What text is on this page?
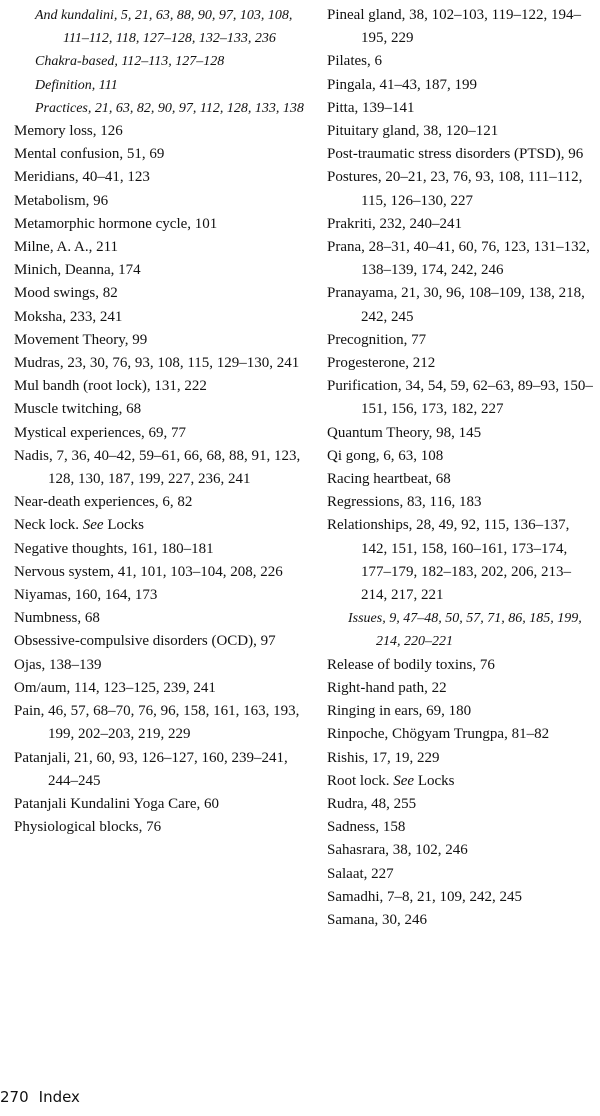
And kundalini, 5, 21, 63, 88, 90, 97, 103, 108, 111–112, 118, 127–128, 132–133, 236
Chakra-based, 112–113, 127–128
Definition, 111
Practices, 21, 63, 82, 90, 97, 112, 128, 133, 138
Memory loss, 126
Mental confusion, 51, 69
Meridians, 40–41, 123
Metabolism, 96
Metamorphic hormone cycle, 101
Milne, A. A., 211
Minich, Deanna, 174
Mood swings, 82
Moksha, 233, 241
Movement Theory, 99
Mudras, 23, 30, 76, 93, 108, 115, 129–130, 241
Mul bandh (root lock), 131, 222
Muscle twitching, 68
Mystical experiences, 69, 77
Nadis, 7, 36, 40–42, 59–61, 66, 68, 88, 91, 123, 128, 130, 187, 199, 227, 236, 241
Near-death experiences, 6, 82
Neck lock. See Locks
Negative thoughts, 161, 180–181
Nervous system, 41, 101, 103–104, 208, 226
Niyamas, 160, 164, 173
Numbness, 68
Obsessive-compulsive disorders (OCD), 97
Ojas, 138–139
Om/aum, 114, 123–125, 239, 241
Pain, 46, 57, 68–70, 76, 96, 158, 161, 163, 193, 199, 202–203, 219, 229
Patanjali, 21, 60, 93, 126–127, 160, 239–241, 244–245
Patanjali Kundalini Yoga Care, 60
Physiological blocks, 76
Pineal gland, 38, 102–103, 119–122, 194–195, 229
Pilates, 6
Pingala, 41–43, 187, 199
Pitta, 139–141
Pituitary gland, 38, 120–121
Post-traumatic stress disorders (PTSD), 96
Postures, 20–21, 23, 76, 93, 108, 111–112, 115, 126–130, 227
Prakriti, 232, 240–241
Prana, 28–31, 40–41, 60, 76, 123, 131–132, 138–139, 174, 242, 246
Pranayama, 21, 30, 96, 108–109, 138, 218, 242, 245
Precognition, 77
Progesterone, 212
Purification, 34, 54, 59, 62–63, 89–93, 150–151, 156, 173, 182, 227
Quantum Theory, 98, 145
Qi gong, 6, 63, 108
Racing heartbeat, 68
Regressions, 83, 116, 183
Relationships, 28, 49, 92, 115, 136–137, 142, 151, 158, 160–161, 173–174, 177–179, 182–183, 202, 206, 213–214, 217, 221
Issues, 9, 47–48, 50, 57, 71, 86, 185, 199, 214, 220–221
Release of bodily toxins, 76
Right-hand path, 22
Ringing in ears, 69, 180
Rinpoche, Chögyam Trungpa, 81–82
Rishis, 17, 19, 229
Root lock. See Locks
Rudra, 48, 255
Sadness, 158
Sahasrara, 38, 102, 246
Salaat, 227
Samadhi, 7–8, 21, 109, 242, 245
Samana, 30, 246
270 Index
